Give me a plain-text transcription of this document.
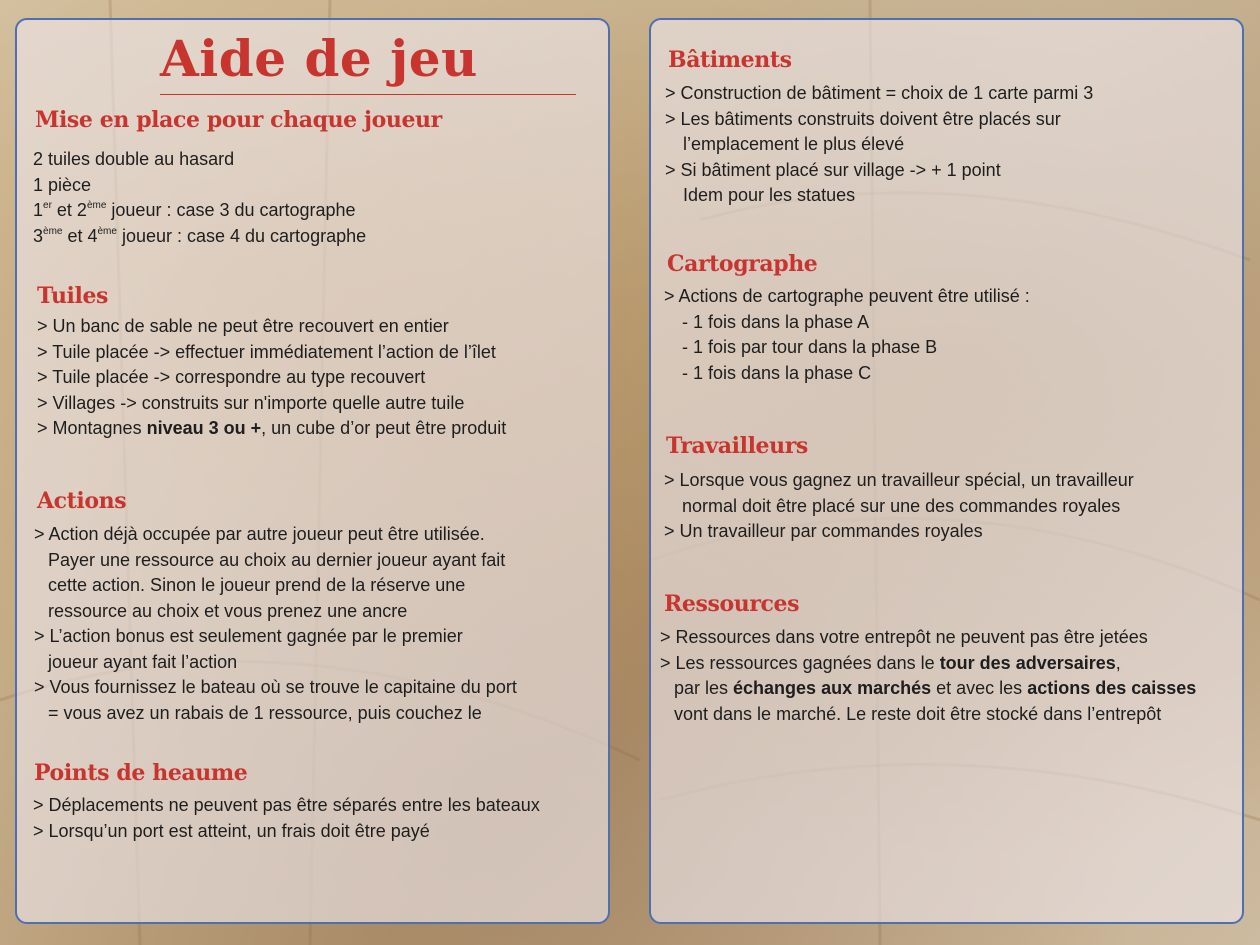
Aide de jeu
Mise en place pour chaque joueur
2 tuiles double au hasard
1 pièce
1er et 2ème joueur : case 3 du cartographe
3ème et 4ème joueur : case 4 du cartographe
Tuiles
> Un banc de sable ne peut être recouvert en entier
> Tuile placée -> effectuer immédiatement l’action de l’îlet
> Tuile placée -> correspondre au type recouvert
> Villages -> construits sur n'importe quelle autre tuile
> Montagnes niveau 3 ou +, un cube d’or peut être produit
Actions
> Action déjà occupée par autre joueur peut être utilisée.
Payer une ressource au choix au dernier joueur ayant fait
cette action. Sinon le joueur prend de la réserve une
ressource au choix et vous prenez une ancre
> L’action bonus est seulement gagnée par le premier
joueur ayant fait l’action
> Vous fournissez le bateau où se trouve le capitaine du port
= vous avez un rabais de 1 ressource, puis couchez le
Points de heaume
> Déplacements ne peuvent pas être séparés entre les bateaux
> Lorsqu’un port est atteint, un frais doit être payé
Bâtiments
> Construction de bâtiment = choix de 1 carte parmi 3
> Les bâtiments construits doivent être placés sur
l’emplacement le plus élevé
> Si bâtiment placé sur village -> + 1 point
Idem pour les statues
Cartographe
> Actions de cartographe peuvent être utilisé :
- 1 fois dans la phase A
- 1 fois par tour dans la phase B
- 1 fois dans la phase C
Travailleurs
> Lorsque vous gagnez un travailleur spécial, un travailleur
normal doit être placé sur une des commandes royales
> Un travailleur par commandes royales
Ressources
> Ressources dans votre entrepôt ne peuvent pas être jetées
> Les ressources gagnées dans le tour des adversaires,
par les échanges aux marchés et avec les actions des caisses
vont dans le marché. Le reste doit être stocké dans l’entrepôt
